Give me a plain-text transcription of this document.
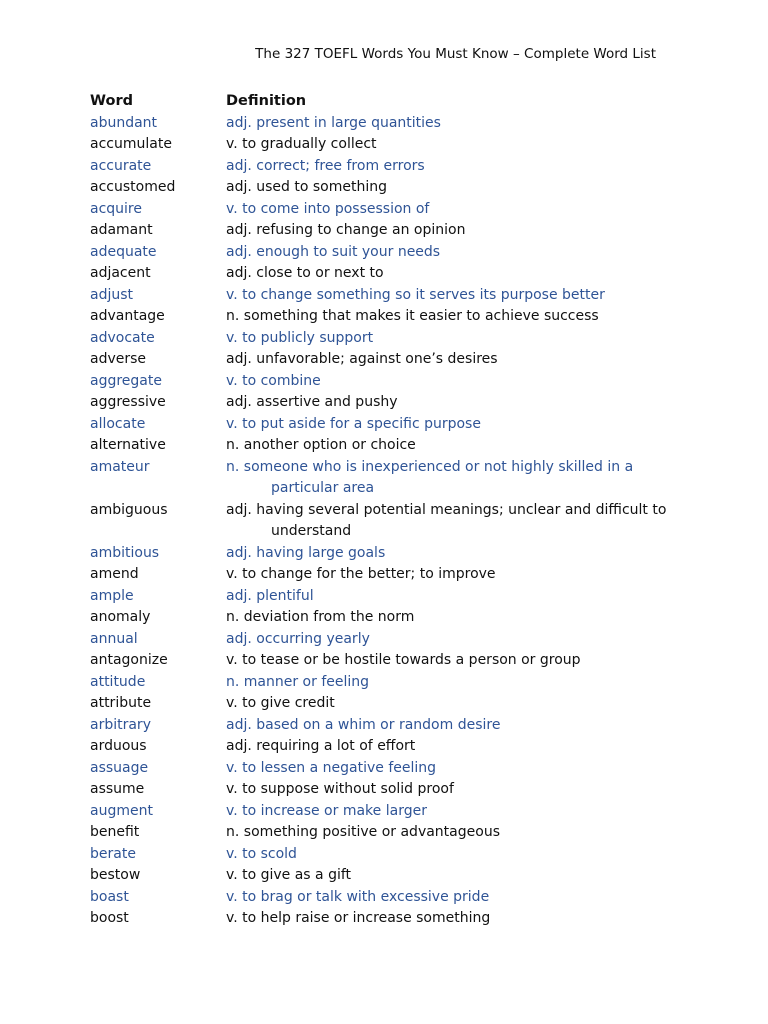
The 327 TOEFL Words You Must Know – Complete Word List
Word	Definition
abundant	adj. present in large quantities
accumulate	v. to gradually collect
accurate	adj. correct; free from errors
accustomed	adj. used to something
acquire	v. to come into possession of
adamant	adj. refusing to change an opinion
adequate	adj. enough to suit your needs
adjacent	adj. close to or next to
adjust	v. to change something so it serves its purpose better
advantage	n. something that makes it easier to achieve success
advocate	v. to publicly support
adverse	adj. unfavorable; against one’s desires
aggregate	v. to combine
aggressive	adj. assertive and pushy
allocate	v. to put aside for a specific purpose
alternative	n. another option or choice
amateur	n. someone who is inexperienced or not highly skilled in a
particular area
ambiguous	adj. having several potential meanings; unclear and difficult to
understand
ambitious	adj. having large goals
amend	v. to change for the better; to improve
ample	adj. plentiful
anomaly	n. deviation from the norm
annual	adj. occurring yearly
antagonize	v. to tease or be hostile towards a person or group
attitude	n. manner or feeling
attribute	v. to give credit
arbitrary	adj. based on a whim or random desire
arduous	adj. requiring a lot of effort
assuage	v. to lessen a negative feeling
assume	v. to suppose without solid proof
augment	v. to increase or make larger
benefit	n. something positive or advantageous
berate	v. to scold
bestow	v. to give as a gift
boast	v. to brag or talk with excessive pride
boost	v. to help raise or increase something
